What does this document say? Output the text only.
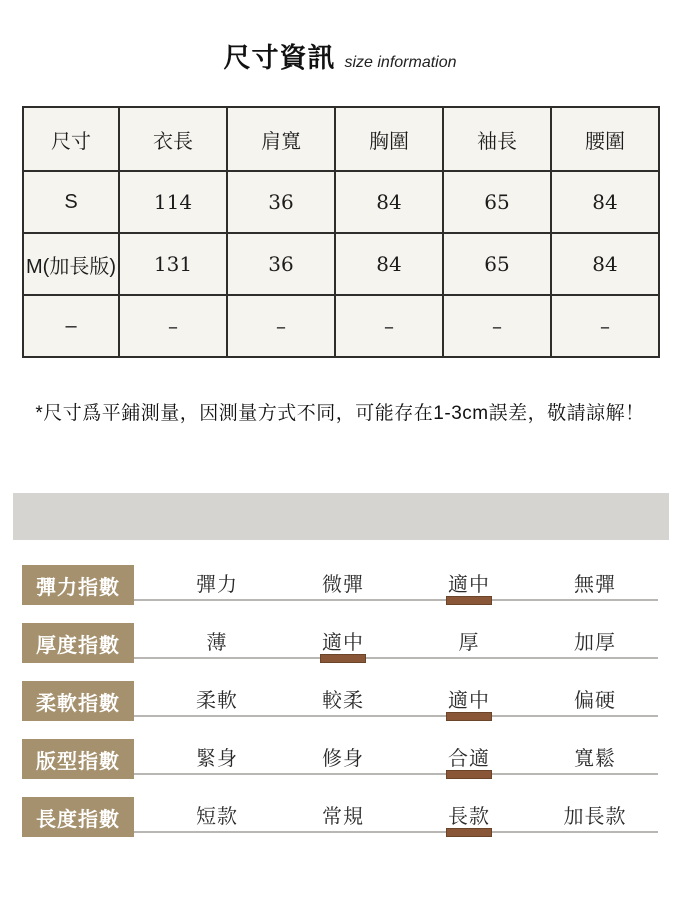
尺寸資訊 size information
尺寸	衣長	肩寬	胸圍	袖長	腰圍
S	114	36	84	65	84
M(加長版)	131	36	84	65	84
–	–	–	–	–	–
*尺寸爲平鋪測量，因測量方式不同，可能存在1-3cm誤差，敬請諒解！
彈力指數	彈力	微彈	適中	無彈
厚度指數	薄	適中	厚	加厚
柔軟指數	柔軟	較柔	適中	偏硬
版型指數	緊身	修身	合適	寬鬆
長度指數	短款	常規	長款	加長款
